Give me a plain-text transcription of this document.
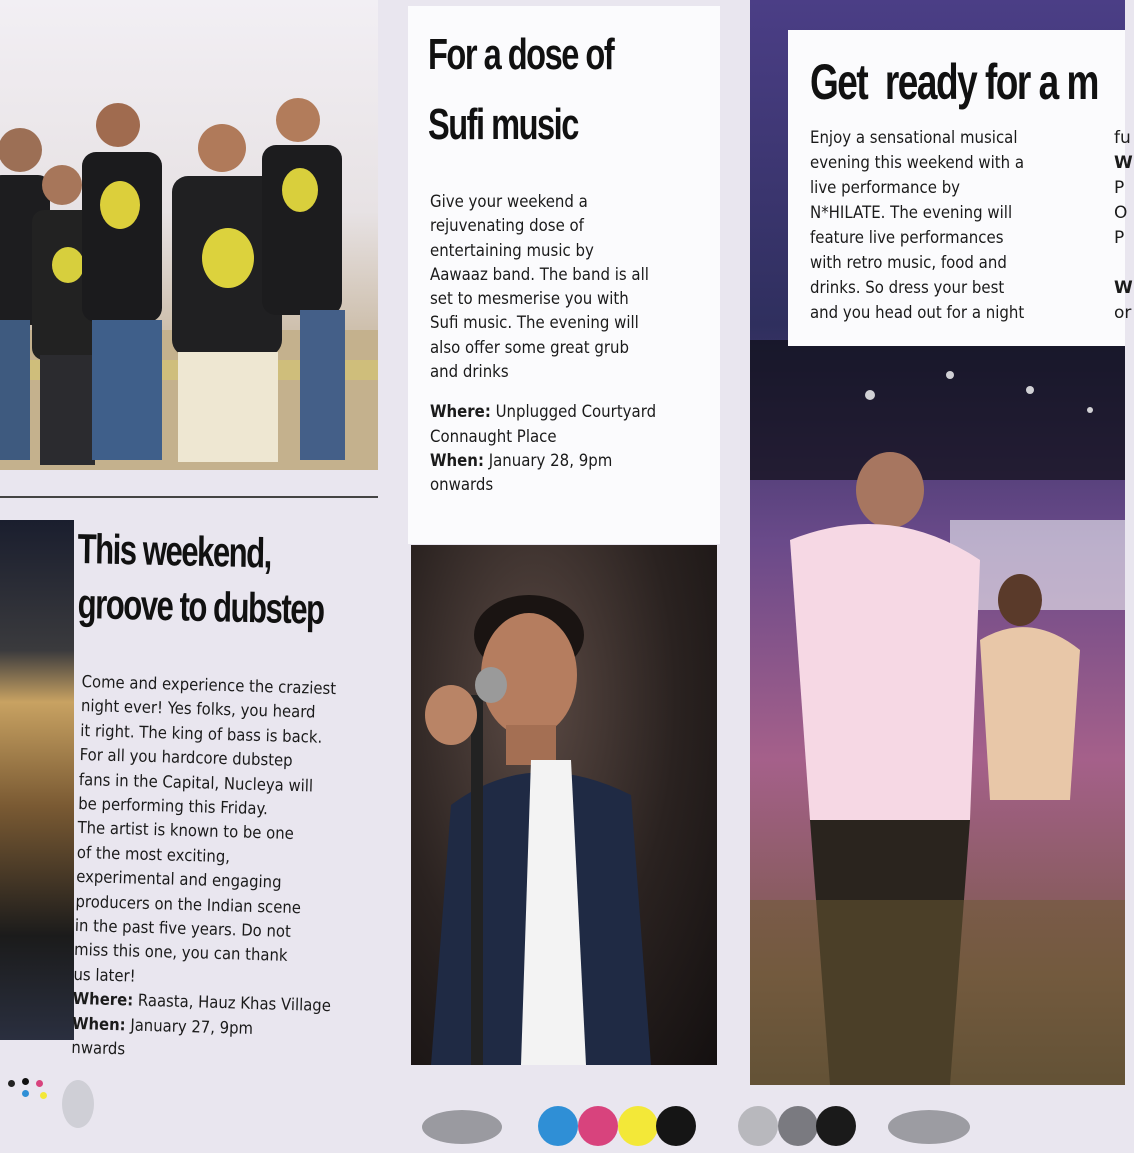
This weekend,
groove to dubstep
Come and experience the craziest
night ever! Yes folks, you heard
it right. The king of bass is back.
For all you hardcore dubstep
fans in the Capital, Nucleya will
be performing this Friday.
The artist is known to be one
of the most exciting,
experimental and engaging
producers on the Indian scene
in the past five years. Do not
miss this one, you can thank
us later!
Where: Raasta, Hauz Khas Village
When: January 27, 9pm
nwards
For a dose of
Sufi music
Give your weekend a
rejuvenating dose of
entertaining music by
Aawaaz band. The band is all
set to mesmerise you with
Sufi music. The evening will
also offer some great grub
and drinks
Where: Unplugged Courtyard
Connaught Place
When: January 28, 9pm
onwards
Get  ready for a m
Enjoy a sensational musical
evening this weekend with a
live performance by
N*HILATE. The evening will
feature live performances
with retro music, food and
drinks. So dress your best
and you head out for a night
fu
W
P
O
P
W
or
